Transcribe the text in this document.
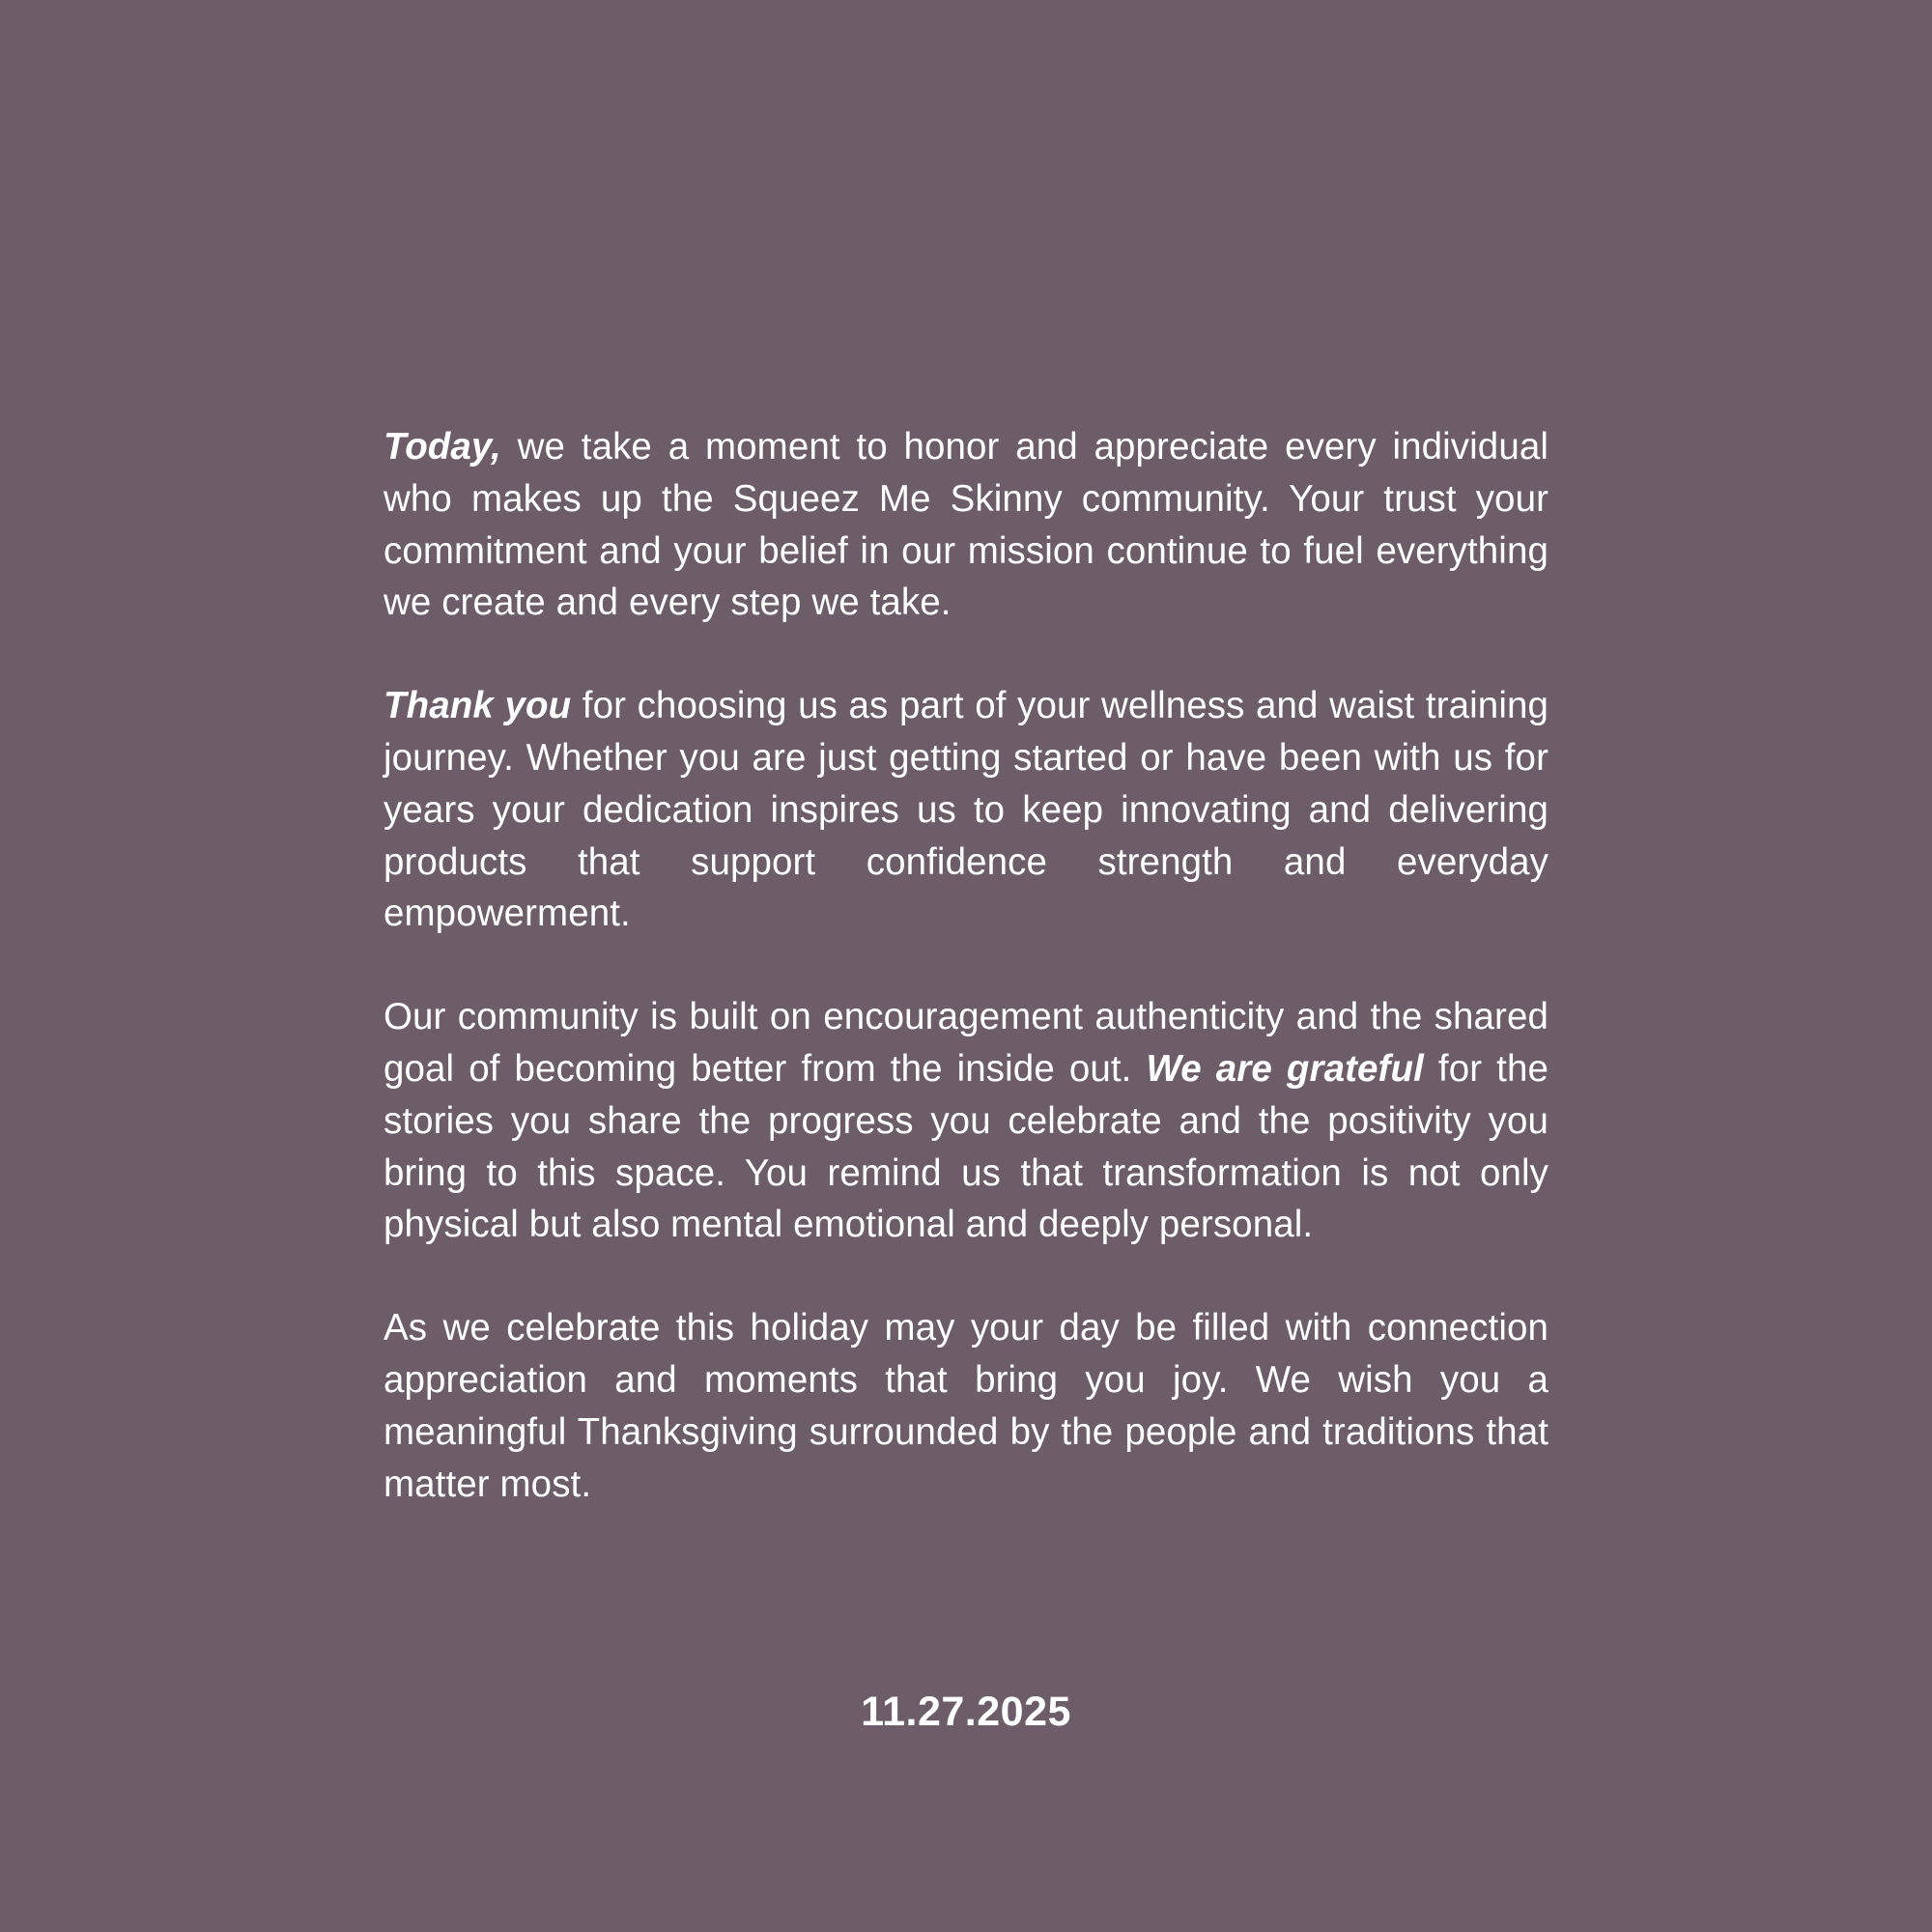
Today, we take a moment to honor and appreciate every individual who makes up the Squeez Me Skinny community. Your trust your commitment and your belief in our mission continue to fuel everything we create and every step we take.

Thank you for choosing us as part of your wellness and waist training journey. Whether you are just getting started or have been with us for years your dedication inspires us to keep innovating and delivering products that support confidence strength and everyday empowerment.

Our community is built on encouragement authenticity and the shared goal of becoming better from the inside out. We are grateful for the stories you share the progress you celebrate and the positivity you bring to this space. You remind us that transformation is not only physical but also mental emotional and deeply personal.

As we celebrate this holiday may your day be filled with connection appreciation and moments that bring you joy. We wish you a meaningful Thanksgiving surrounded by the people and traditions that matter most.

11.27.2025
